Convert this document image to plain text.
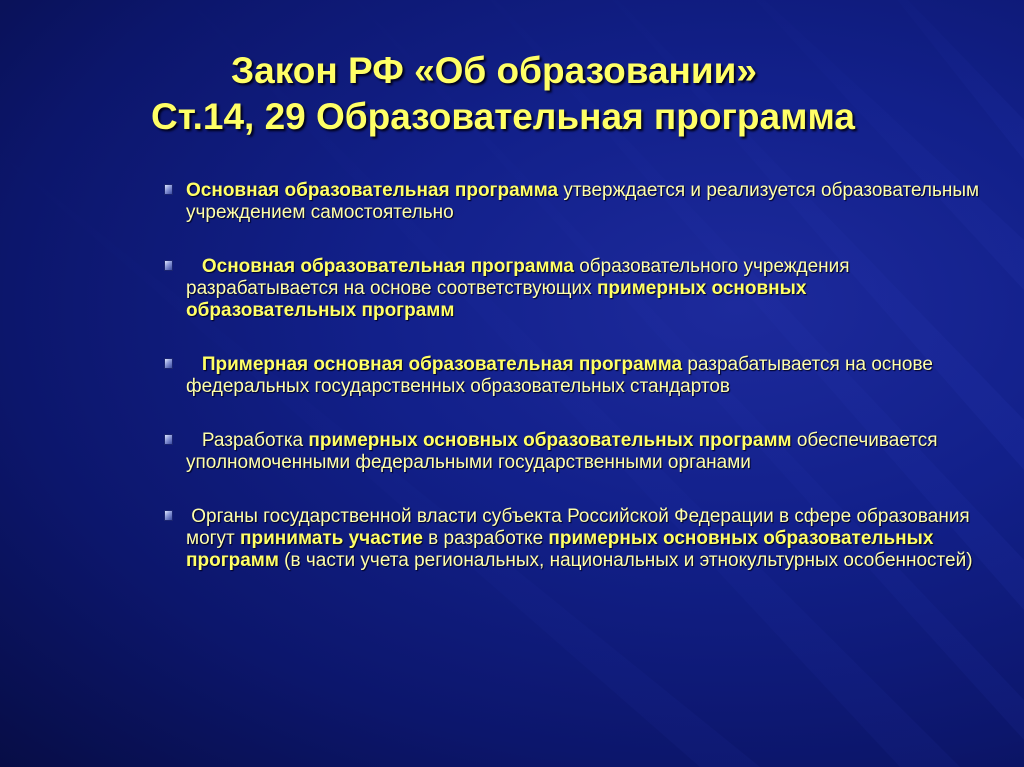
Закон РФ «Об образовании»
Ст.14, 29 Образовательная программа
Основная образовательная программа утверждается и реализуется образовательным учреждением самостоятельно
Основная образовательная программа образовательного учреждения  разрабатывается на основе соответствующих примерных основных образовательных программ
Примерная основная образовательная программа разрабатывается на основе федеральных государственных образовательных стандартов
Разработка примерных основных образовательных программ обеспечивается уполномоченными федеральными государственными органами
Органы государственной власти субъекта Российской Федерации в сфере образования могут принимать участие в разработке примерных основных образовательных программ (в части учета региональных, национальных и этнокультурных особенностей)
